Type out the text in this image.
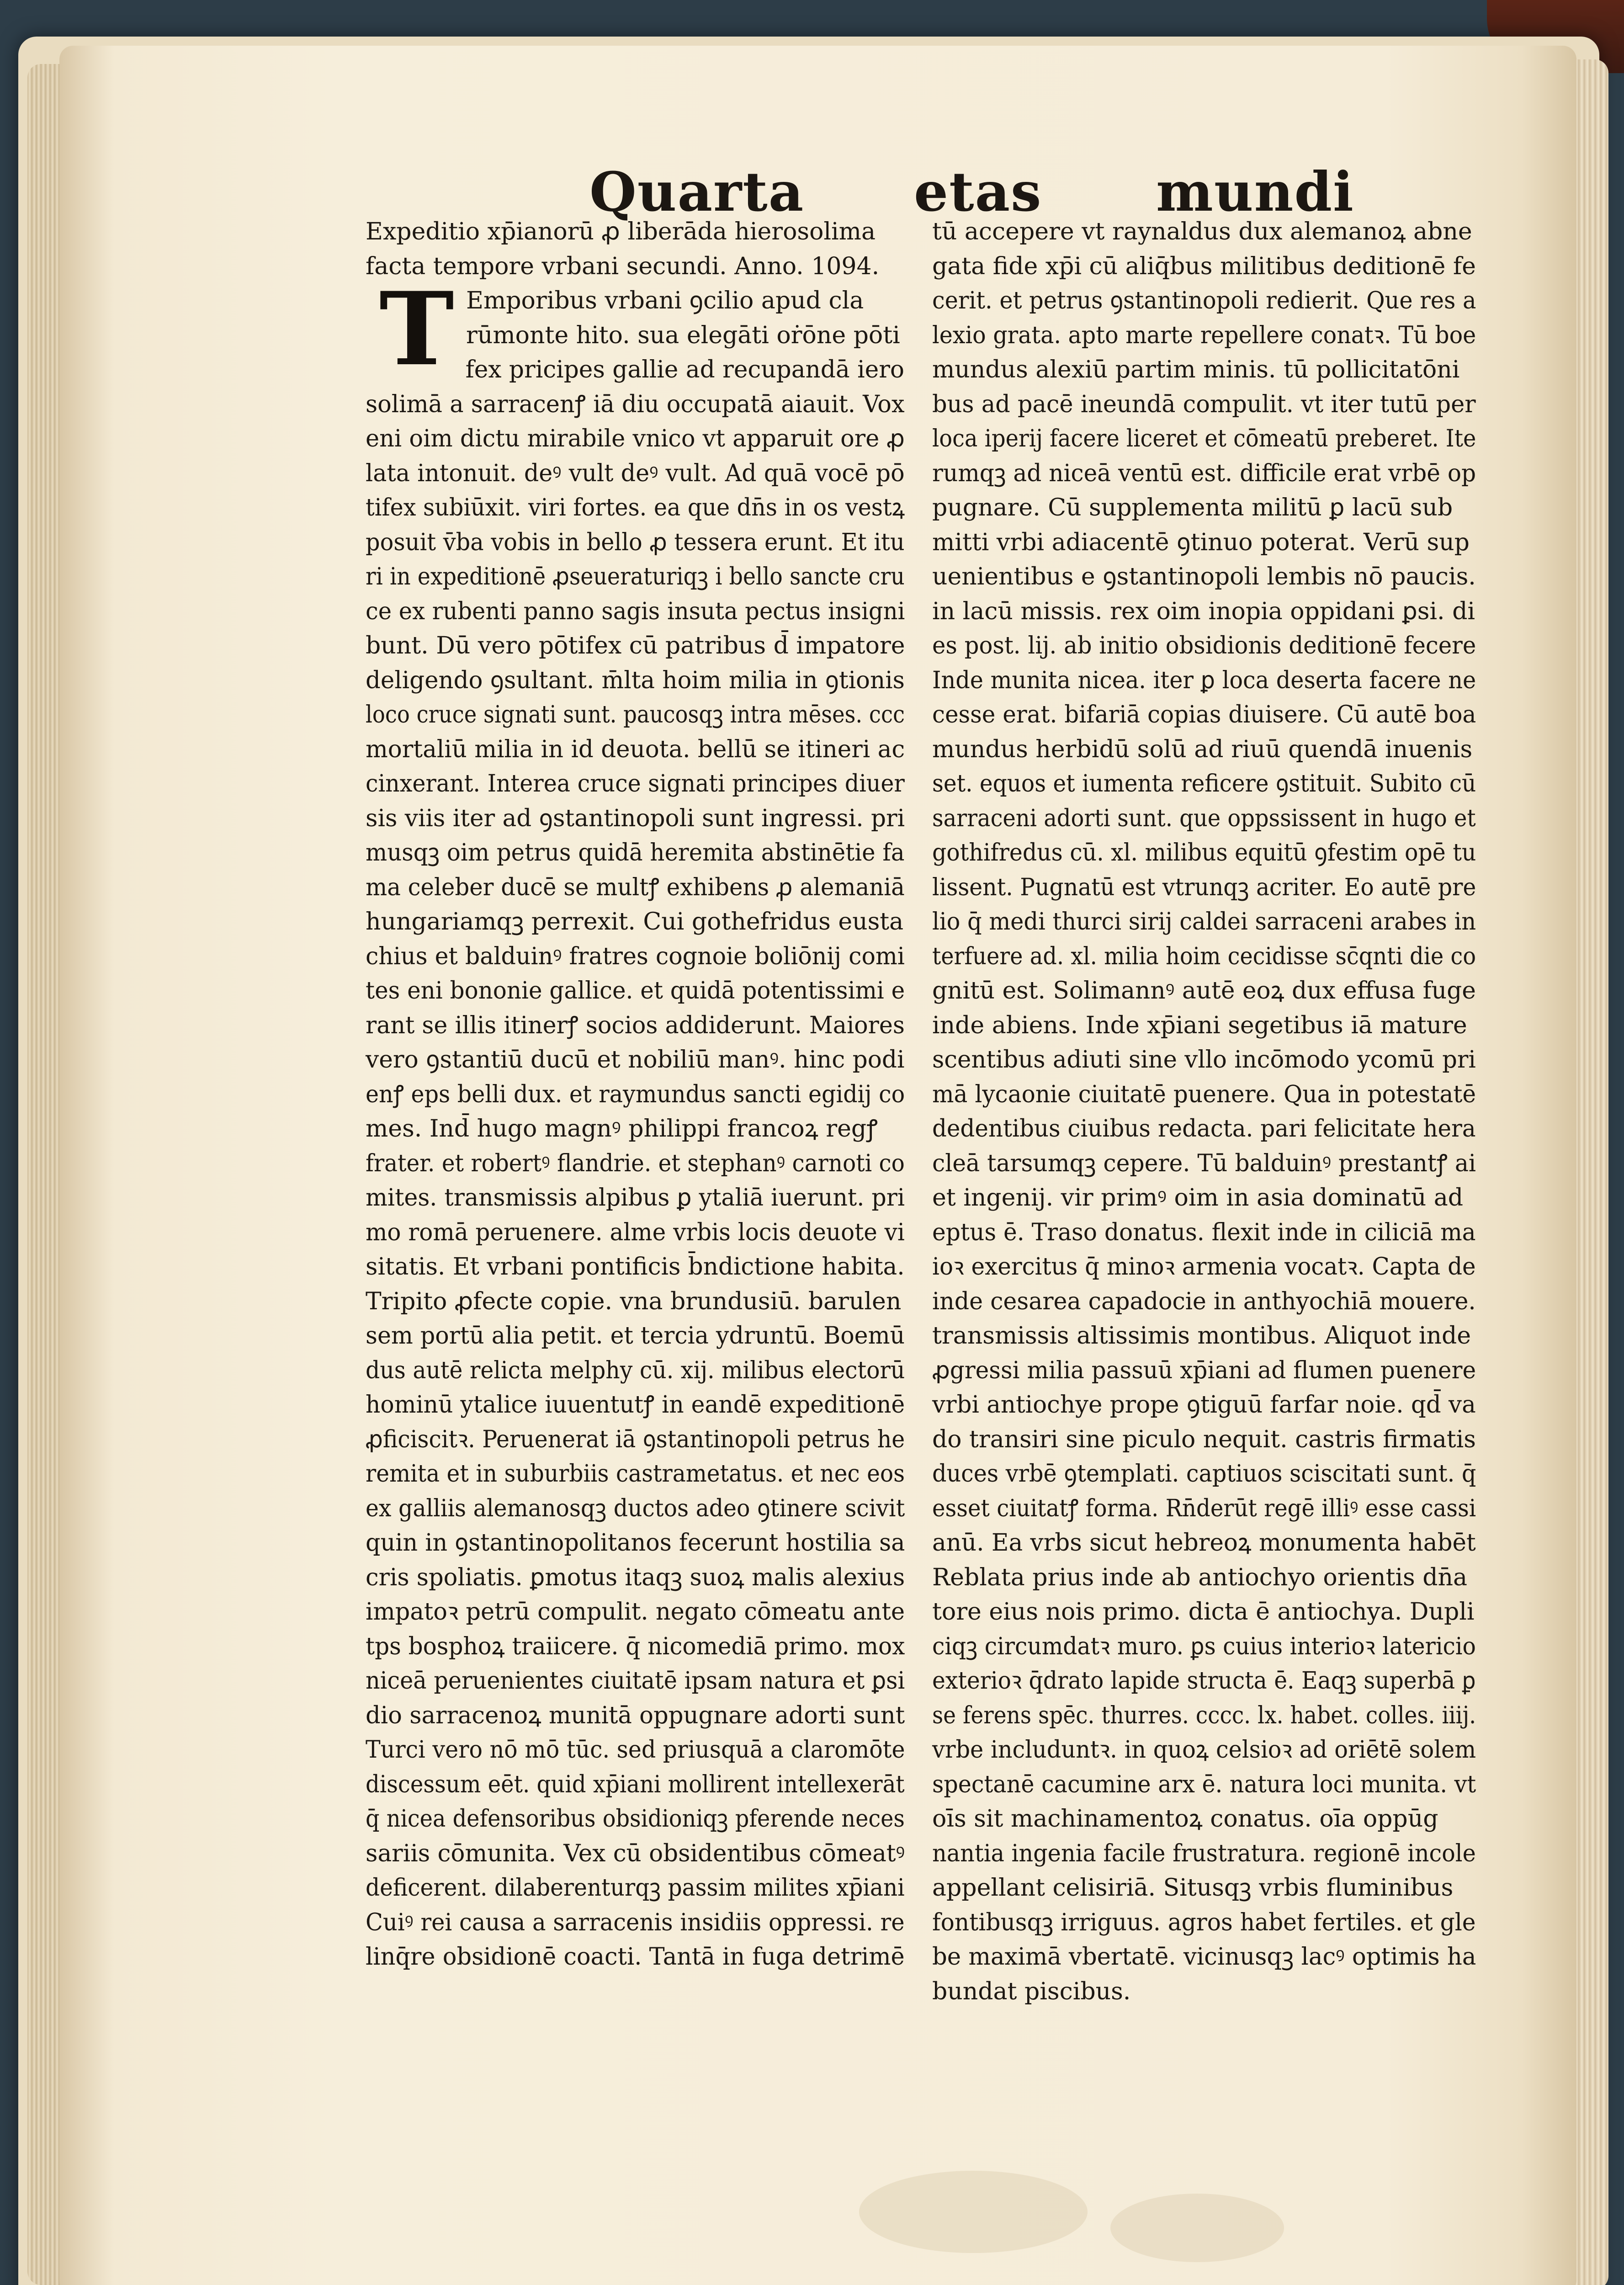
Quarta etas mundi
T
Expeditio xp̄ianorū ꝓ liberāda hierosolima
facta tempore vrbani secundi. Anno. 1094.
Emporibus vrbani ꝯcilio apud cla
rūmonte hito. sua elegāti oṙōne pōti
fex pricipes gallie ad recupandā iero
solimā a sarracenꝭ iā diu occupatā aiauit. Vox
eni oim dictu mirabile vnico vt apparuit ore ꝓ
lata intonuit. deꝰ vult deꝰ vult. Ad quā vocē pō
tifex subiūxit. viri fortes. ea que dn̄s in os vestꝝ
posuit v̄ba vobis in bello ꝓ tessera erunt. Et itu
ri in expeditionē ꝓseueraturiqꝫ i bello sancte cru
ce ex rubenti panno sagis insuta pectus insigni
bunt. Dū vero pōtifex cū patribus d̄ impatore
deligendo ꝯsultant. m̄lta hoim milia in ꝯtionis
loco cruce signati sunt. paucosqꝫ intra mēses. ccc
mortaliū milia in id deuota. bellū se itineri ac
cinxerant. Interea cruce signati principes diuer
sis viis iter ad ꝯstantinopoli sunt ingressi. pri
musqꝫ oim petrus quidā heremita abstinētie fa
ma celeber ducē se multꝭ exhibens ꝓ alemaniā
hungariamqꝫ perrexit. Cui gothefridus eusta
chius et balduinꝰ fratres cognoie boliōnij comi
tes eni bononie gallice. et quidā potentissimi e
rant se illis itinerꝭ socios addiderunt. Maiores
vero ꝯstantiū ducū et nobiliū manꝰ. hinc podi
enꝭ eps belli dux. et raymundus sancti egidij co
mes. Ind̄ hugo magnꝰ philippi francoꝝ regꝭ
frater. et robertꝰ flandrie. et stephanꝰ carnoti co
mites. transmissis alpibus ꝑ ytaliā iuerunt. pri
mo romā peruenere. alme vrbis locis deuote vi
sitatis. Et vrbani pontificis b̄ndictione habita.
Tripito ꝓfecte copie. vna brundusiū. barulen
sem portū alia petit. et tercia ydruntū. Boemū
dus autē relicta melphy cū. xij. milibus electorū
hominū ytalice iuuentutꝭ in eandē expeditionē
ꝓficiscitꝛ. Peruenerat iā ꝯstantinopoli petrus he
remita et in suburbiis castrametatus. et nec eos
ex galliis alemanosqꝫ ductos adeo ꝯtinere scivit
quin in ꝯstantinopolitanos fecerunt hostilia sa
cris spoliatis. ꝑmotus itaqꝫ suoꝝ malis alexius
impatoꝛ petrū compulit. negato cōmeatu ante
tps bosphoꝝ traiicere. q̄ nicomediā primo. mox
niceā peruenientes ciuitatē ipsam natura et ꝑsi
dio sarracenoꝝ munitā oppugnare adorti sunt
Turci vero nō mō tūc. sed priusquā a claromōte
discessum eēt. quid xp̄iani mollirent intellexerāt
q̄ nicea defensoribus obsidioniqꝫ pferende neces
sariis cōmunita. Vex cū obsidentibus cōmeatꝰ
deficerent. dilaberenturqꝫ passim milites xp̄iani
Cuiꝰ rei causa a sarracenis insidiis oppressi. re
linq̄re obsidionē coacti. Tantā in fuga detrimē
tū accepere vt raynaldus dux alemanoꝝ abne
gata fide xp̄i cū aliq̄bus militibus deditionē fe
cerit. et petrus ꝯstantinopoli redierit. Que res a
lexio grata. apto marte repellere conatꝛ. Tū boe
mundus alexiū partim minis. tū pollicitatōni
bus ad pacē ineundā compulit. vt iter tutū per
loca iperij facere liceret et cōmeatū preberet. Ite
rumqꝫ ad niceā ventū est. difficile erat vrbē op
pugnare. Cū supplementa militū ꝑ lacū sub
mitti vrbi adiacentē ꝯtinuo poterat. Verū sup
uenientibus e ꝯstantinopoli lembis nō paucis.
in lacū missis. rex oim inopia oppidani ꝑsi. di
es post. lij. ab initio obsidionis deditionē fecere
Inde munita nicea. iter ꝑ loca deserta facere ne
cesse erat. bifariā copias diuisere. Cū autē boa
mundus herbidū solū ad riuū quendā inuenis
set. equos et iumenta reficere ꝯstituit. Subito cū
sarraceni adorti sunt. que oppssissent in hugo et
gothifredus cū. xl. milibus equitū ꝯfestim opē tu
lissent. Pugnatū est vtrunqꝫ acriter. Eo autē pre
lio q̄ medi thurci sirij caldei sarraceni arabes in
terfuere ad. xl. milia hoim cecidisse sc̄qnti die co
gnitū est. Solimannꝰ autē eoꝝ dux effusa fuge
inde abiens. Inde xp̄iani segetibus iā mature
scentibus adiuti sine vllo incōmodo ycomū pri
mā lycaonie ciuitatē puenere. Qua in potestatē
dedentibus ciuibus redacta. pari felicitate hera
cleā tarsumqꝫ cepere. Tū balduinꝰ prestantꝭ ai
et ingenij. vir primꝰ oim in asia dominatū ad
eptus ē. Traso donatus. flexit inde in ciliciā ma
ioꝛ exercitus q̄ minoꝛ armenia vocatꝛ. Capta de
inde cesarea capadocie in anthyochiā mouere.
transmissis altissimis montibus. Aliquot inde
ꝓgressi milia passuū xp̄iani ad flumen puenere
vrbi antiochye prope ꝯtiguū farfar noie. qd̄ va
do transiri sine piculo nequit. castris firmatis
duces vrbē ꝯtemplati. captiuos sciscitati sunt. q̄
esset ciuitatꝭ forma. Rn̄derūt regē illiꝰ esse cassi
anū. Ea vrbs sicut hebreoꝝ monumenta habēt
Reblata prius inde ab antiochyo orientis dn̄a
tore eius nois primo. dicta ē antiochya. Dupli
ciqꝫ circumdatꝛ muro. ꝑs cuius interioꝛ latericio
exterioꝛ q̄drato lapide structa ē. Eaqꝫ superbā ꝑ
se ferens spēc. thurres. cccc. lx. habet. colles. iiij.
vrbe includuntꝛ. in quoꝝ celsioꝛ ad oriētē solem
spectanē cacumine arx ē. natura loci munita. vt
oīs sit machinamentoꝝ conatus. oīa oppūg
nantia ingenia facile frustratura. regionē incole
appellant celisiriā. Situsqꝫ vrbis fluminibus
fontibusqꝫ irriguus. agros habet fertiles. et gle
be maximā vbertatē. vicinusqꝫ lacꝰ optimis ha
bundat piscibus.
